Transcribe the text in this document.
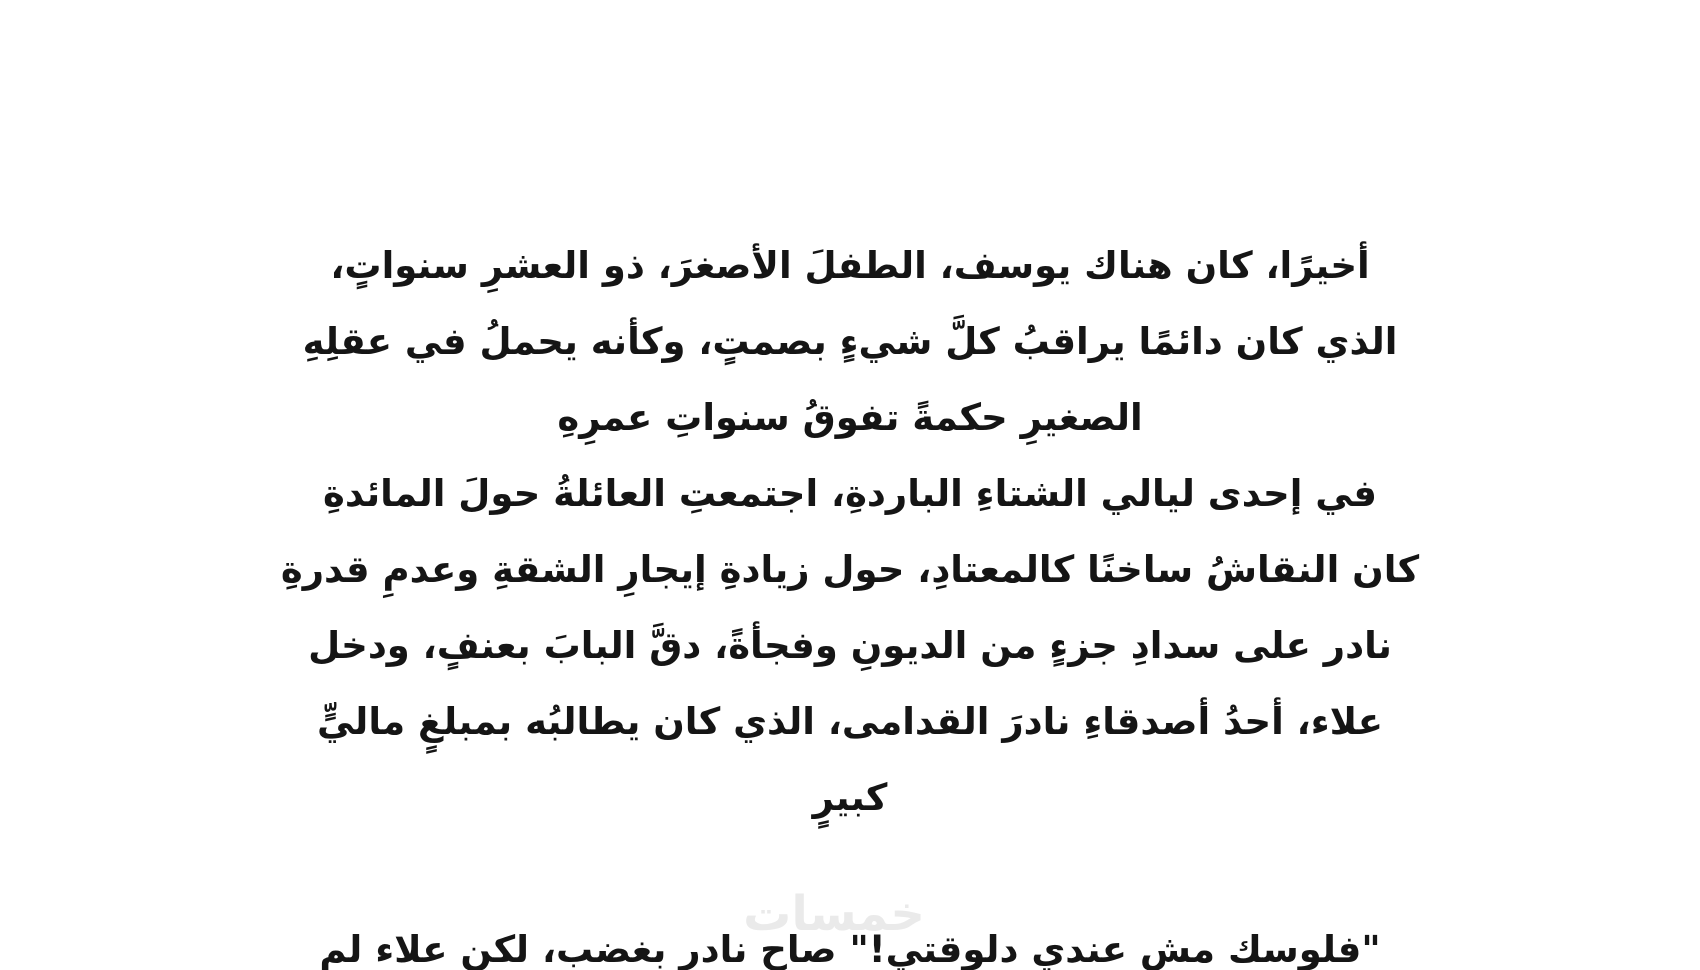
أخيرًا، كان هناك يوسف، الطفلَ الأصغرَ، ذو العشرِ سنواتٍ،
الذي كان دائمًا يراقبُ كلَّ شيءٍ بصمتٍ، وكأنه يحملُ في عقلِهِ
الصغيرِ حكمةً تفوقُ سنواتِ عمرِهِ
في إحدى ليالي الشتاءِ الباردةِ، اجتمعتِ العائلةُ حولَ المائدةِ
كان النقاشُ ساخنًا كالمعتادِ، حول زيادةِ إيجارِ الشقةِ وعدمِ قدرةِ
نادر على سدادِ جزءٍ من الديونِ وفجأةً، دقَّ البابَ بعنفٍ، ودخل
علاء، أحدُ أصدقاءِ نادرَ القدامى، الذي كان يطالبُه بمبلغٍ ماليٍّ
كبيرٍ
"فلوسك مش عندي دلوقتي!" صاح نادر بغضب، لكن علاء لم
خمسات
